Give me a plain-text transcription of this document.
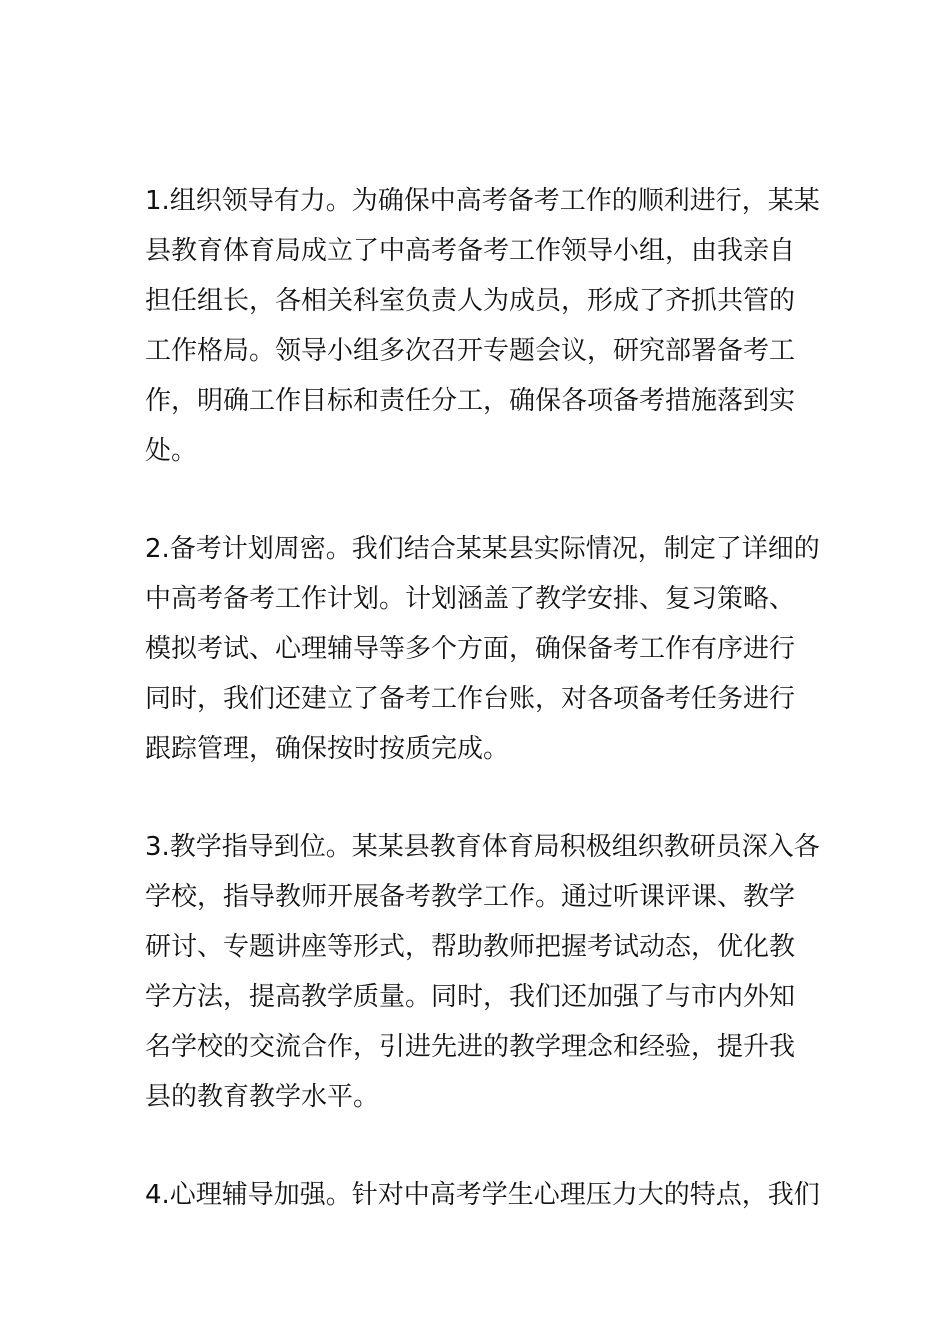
1.组织领导有力。为确保中高考备考工作的顺利进行，某某
县教育体育局成立了中高考备考工作领导小组，由我亲自
担任组长，各相关科室负责人为成员，形成了齐抓共管的
工作格局。领导小组多次召开专题会议，研究部署备考工
作，明确工作目标和责任分工，确保各项备考措施落到实
处。

2.备考计划周密。我们结合某某县实际情况，制定了详细的
中高考备考工作计划。计划涵盖了教学安排、复习策略、
模拟考试、心理辅导等多个方面，确保备考工作有序进行
同时，我们还建立了备考工作台账，对各项备考任务进行
跟踪管理，确保按时按质完成。

3.教学指导到位。某某县教育体育局积极组织教研员深入各
学校，指导教师开展备考教学工作。通过听课评课、教学
研讨、专题讲座等形式，帮助教师把握考试动态，优化教
学方法，提高教学质量。同时，我们还加强了与市内外知
名学校的交流合作，引进先进的教学理念和经验，提升我
县的教育教学水平。

4.心理辅导加强。针对中高考学生心理压力大的特点，我们
